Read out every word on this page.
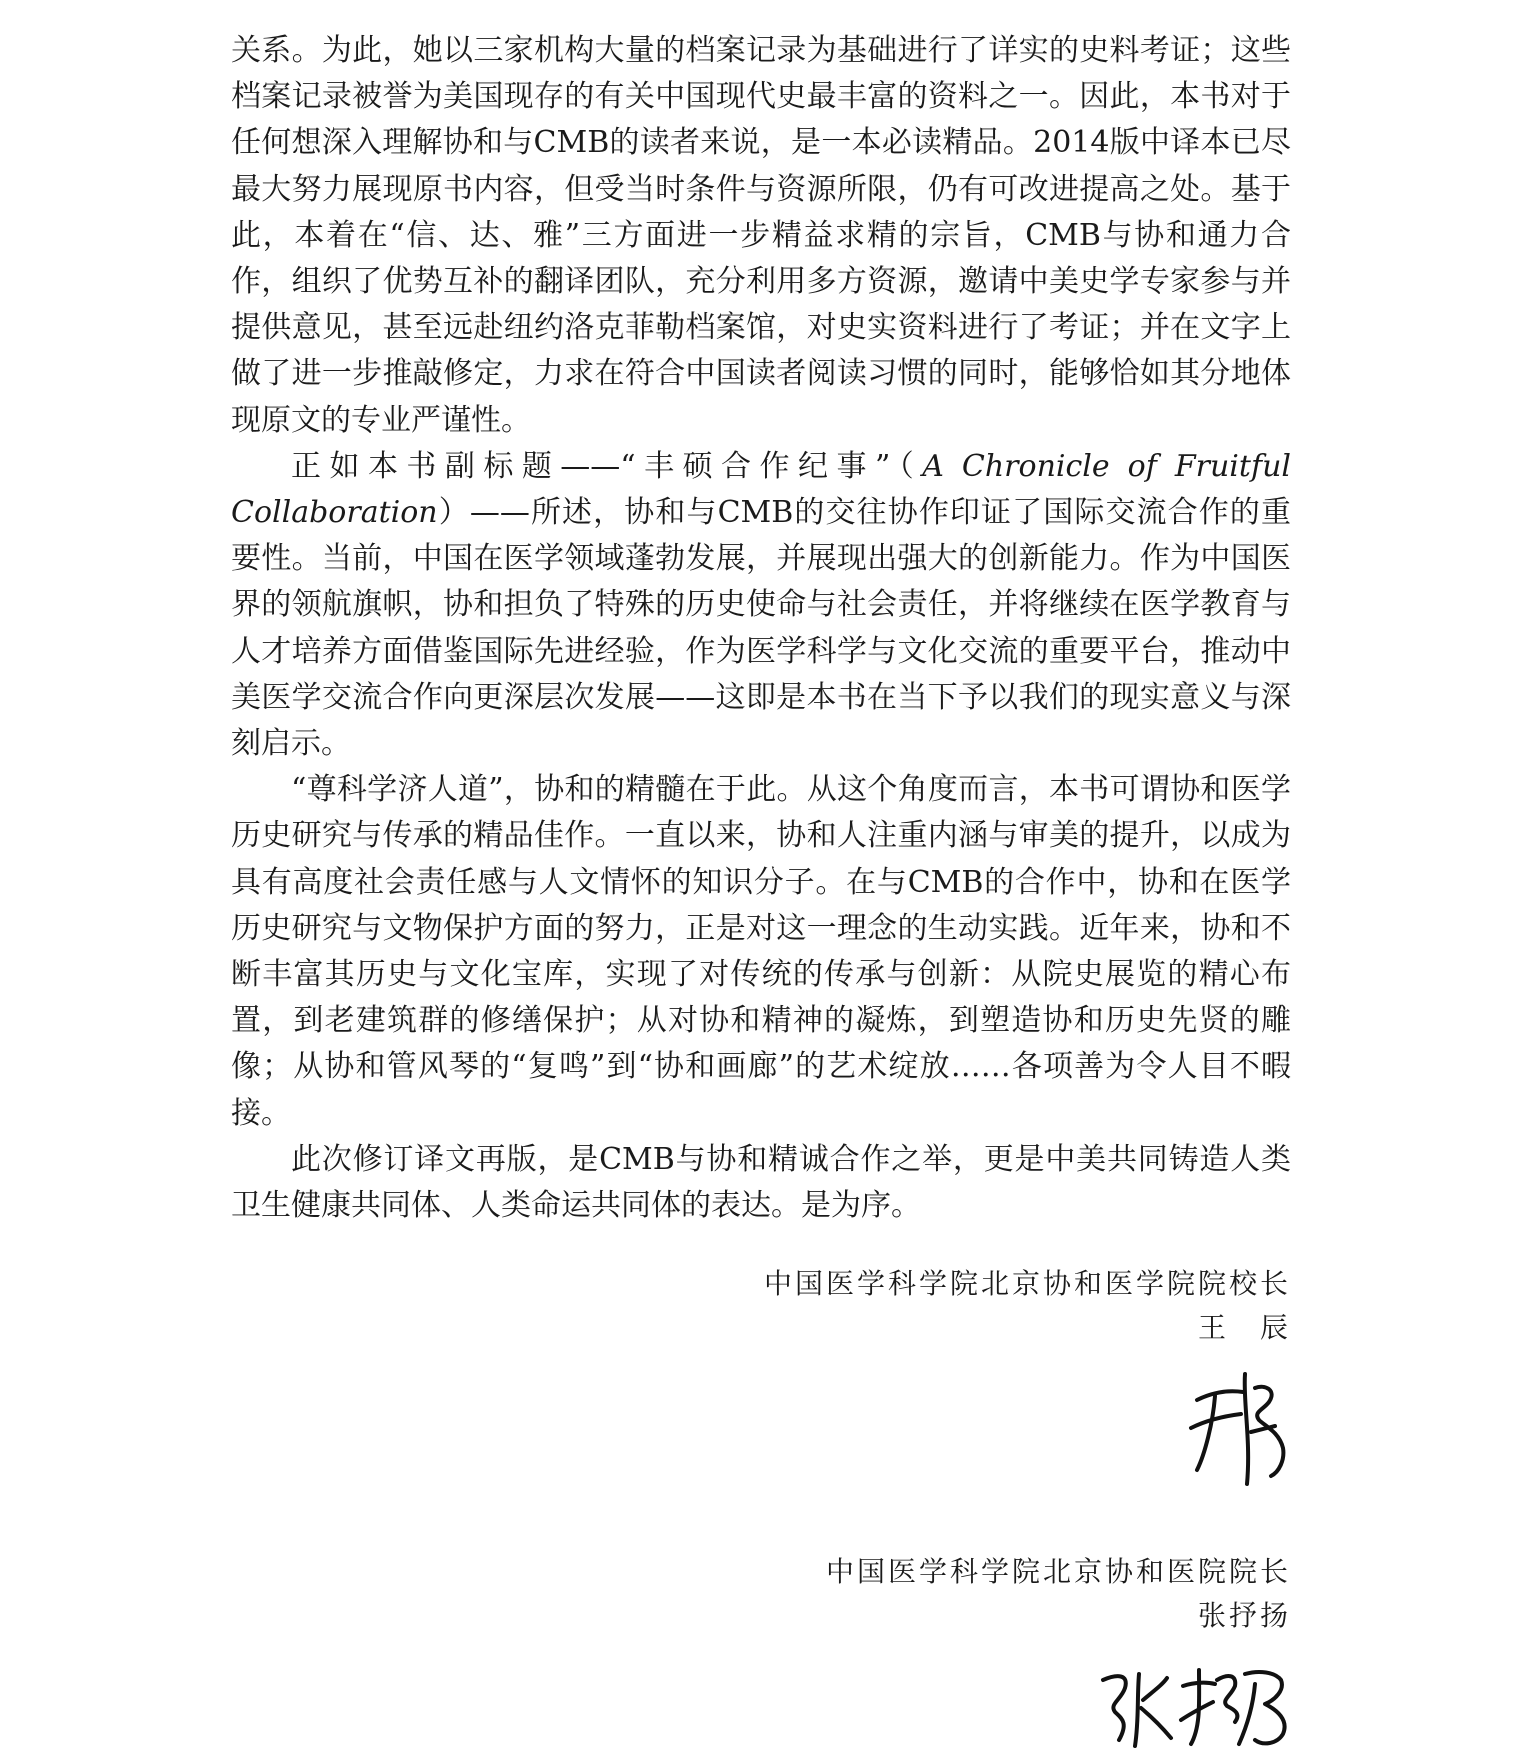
关系。为此，她以三家机构大量的档案记录为基础进行了详实的史料考证；这些档案记录被誉为美国现存的有关中国现代史最丰富的资料之一。因此，本书对于任何想深入理解协和与CMB的读者来说，是一本必读精品。2014版中译本已尽最大努力展现原书内容，但受当时条件与资源所限，仍有可改进提高之处。基于此，本着在“信、达、雅”三方面进一步精益求精的宗旨，CMB与协和通力合作，组织了优势互补的翻译团队，充分利用多方资源，邀请中美史学专家参与并提供意见，甚至远赴纽约洛克菲勒档案馆，对史实资料进行了考证；并在文字上做了进一步推敲修定，力求在符合中国读者阅读习惯的同时，能够恰如其分地体现原文的专业严谨性。

正如本书副标题——“丰硕合作纪事”（A Chronicle of Fruitful Collaboration）——所述，协和与CMB的交往协作印证了国际交流合作的重要性。当前，中国在医学领域蓬勃发展，并展现出强大的创新能力。作为中国医界的领航旗帜，协和担负了特殊的历史使命与社会责任，并将继续在医学教育与人才培养方面借鉴国际先进经验，作为医学科学与文化交流的重要平台，推动中美医学交流合作向更深层次发展——这即是本书在当下予以我们的现实意义与深刻启示。

“尊科学济人道”，协和的精髓在于此。从这个角度而言，本书可谓协和医学历史研究与传承的精品佳作。一直以来，协和人注重内涵与审美的提升，以成为具有高度社会责任感与人文情怀的知识分子。在与CMB的合作中，协和在医学历史研究与文物保护方面的努力，正是对这一理念的生动实践。近年来，协和不断丰富其历史与文化宝库，实现了对传统的传承与创新：从院史展览的精心布置，到老建筑群的修缮保护；从对协和精神的凝炼，到塑造协和历史先贤的雕像；从协和管风琴的“复鸣”到“协和画廊”的艺术绽放……各项善为令人目不暇接。

此次修订译文再版，是CMB与协和精诚合作之举，更是中美共同铸造人类卫生健康共同体、人类命运共同体的表达。是为序。

中国医学科学院北京协和医学院院校长
王　辰
中国医学科学院北京协和医院院长
张抒扬
